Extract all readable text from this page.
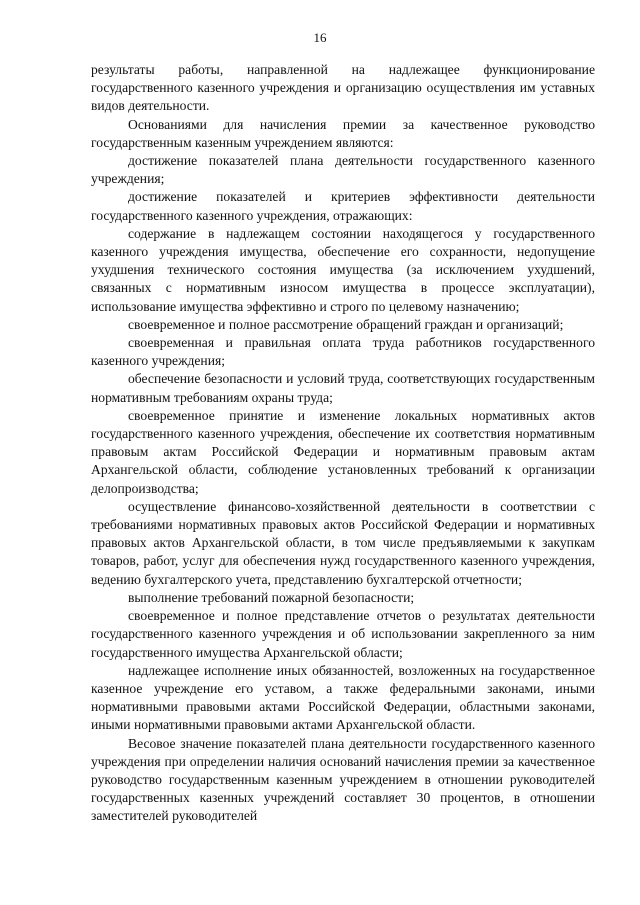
16

результаты работы, направленной на надлежащее функционирование государственного казенного учреждения и организацию осуществления им уставных видов деятельности.

Основаниями для начисления премии за качественное руководство государственным казенным учреждением являются:

достижение показателей плана деятельности государственного казенного учреждения;

достижение показателей и критериев эффективности деятельности государственного казенного учреждения, отражающих:

содержание в надлежащем состоянии находящегося у государственного казенного учреждения имущества, обеспечение его сохранности, недопущение ухудшения технического состояния имущества (за исключением ухудшений, связанных с нормативным износом имущества в процессе эксплуатации), использование имущества эффективно и строго по целевому назначению;

своевременное и полное рассмотрение обращений граждан и организаций;

своевременная и правильная оплата труда работников государственного казенного учреждения;

обеспечение безопасности и условий труда, соответствующих государственным нормативным требованиям охраны труда;

своевременное принятие и изменение локальных нормативных актов государственного казенного учреждения, обеспечение их соответствия нормативным правовым актам Российской Федерации и нормативным правовым актам Архангельской области, соблюдение установленных требований к организации делопроизводства;

осуществление финансово-хозяйственной деятельности в соответствии с требованиями нормативных правовых актов Российской Федерации и нормативных правовых актов Архангельской области, в том числе предъявляемыми к закупкам товаров, работ, услуг для обеспечения нужд государственного казенного учреждения, ведению бухгалтерского учета, представлению бухгалтерской отчетности;

выполнение требований пожарной безопасности;

своевременное и полное представление отчетов о результатах деятельности государственного казенного учреждения и об использовании закрепленного за ним государственного имущества Архангельской области;

надлежащее исполнение иных обязанностей, возложенных на государственное казенное учреждение его уставом, а также федеральными законами, иными нормативными правовыми актами Российской Федерации, областными законами, иными нормативными правовыми актами Архангельской области.

Весовое значение показателей плана деятельности государственного казенного учреждения при определении наличия оснований начисления премии за качественное руководство государственным казенным учреждением в отношении руководителей государственных казенных учреждений составляет 30 процентов, в отношении заместителей руководителей
